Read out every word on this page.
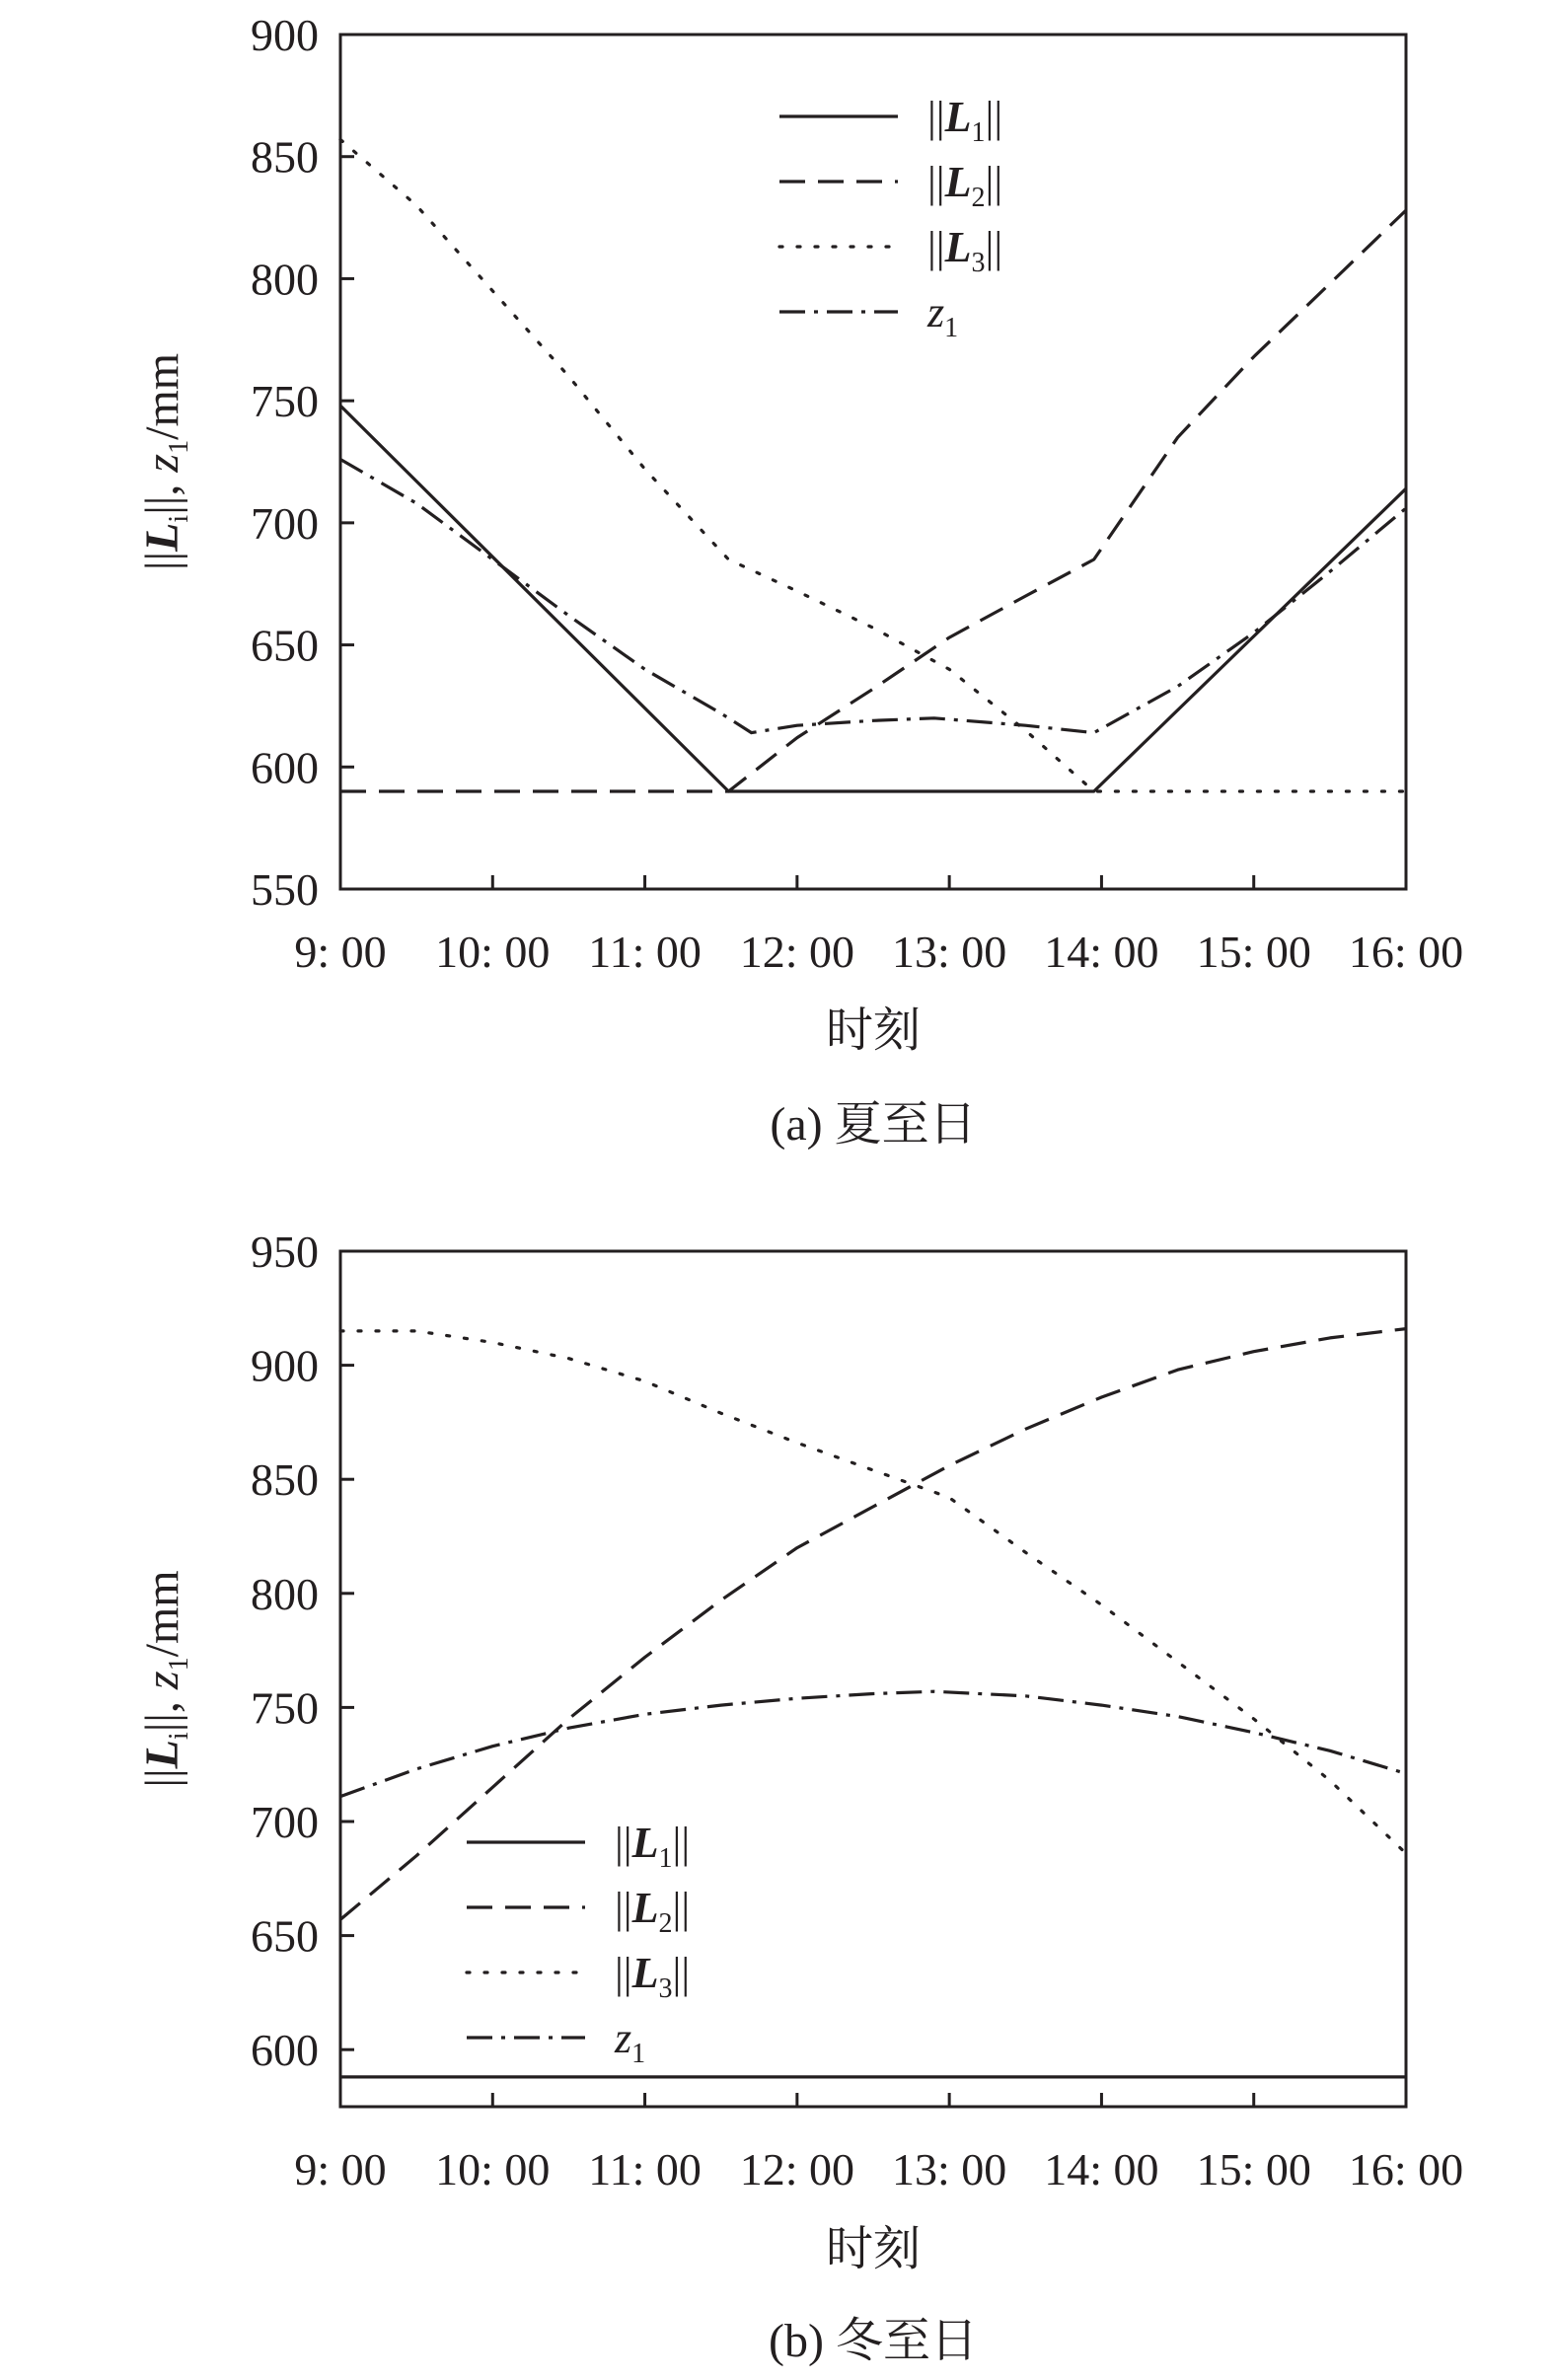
9: 00 10: 00 11: 00 12: 00 13: 00 14: 00 15: 00 16: 00
550
600
650
700
750
800
850
900
时刻
$||L_i||$, $z_1/mm$
(a) 夏至日
$||L_1||$
$||L_2||$
$||L_3||$
$z_1$
9: 00 10: 00 11: 00 12: 00 13: 00 14: 00 15: 00 16: 00
600
650
700
750
800
850
900
950
时刻
$||L_i||$, $z_1/mm$
(b) 冬至日
$||L_1||$
$||L_2||$
$||L_3||$
$z_1$
